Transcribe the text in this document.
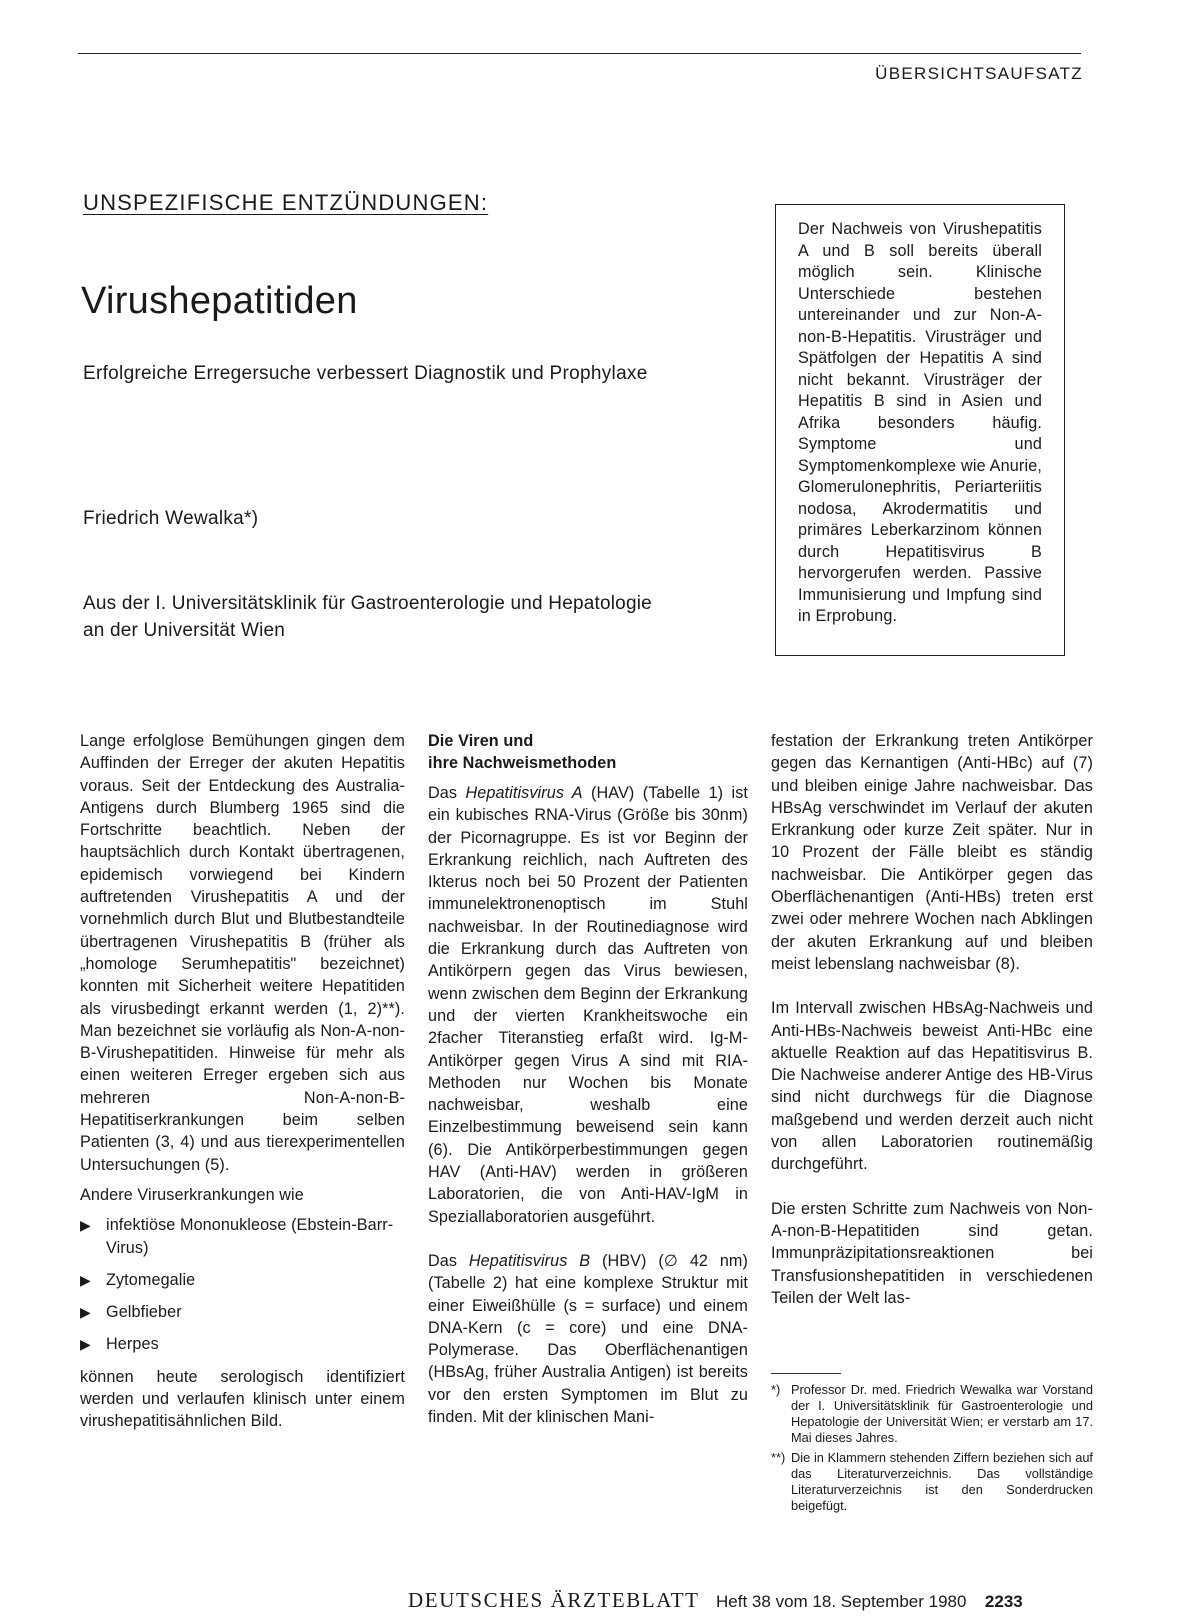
ÜBERSICHTSAUFSATZ
UNSPEZIFISCHE ENTZÜNDUNGEN:
Virushepatitiden
Erfolgreiche Erregersuche verbessert Diagnostik und Prophylaxe
Friedrich Wewalka*)
Aus der I. Universitätsklinik für Gastroenterologie und Hepatologie
an der Universität Wien
Der Nachweis von Virushepatitis A und B soll bereits überall möglich sein. Klinische Unterschiede bestehen untereinander und zur Non-A-non-B-Hepatitis. Virusträger und Spätfolgen der Hepatitis A sind nicht bekannt. Virusträger der Hepatitis B sind in Asien und Afrika besonders häufig. Symptome und Symptomenkomplexe wie Anurie, Glomerulonephritis, Periarteriitis nodosa, Akrodermatitis und primäres Leberkarzinom können durch Hepatitisvirus B hervorgerufen werden. Passive Immunisierung und Impfung sind in Erprobung.

Lange erfolglose Bemühungen gingen dem Auffinden der Erreger der akuten Hepatitis voraus. Seit der Entdeckung des Australia-Antigens durch Blumberg 1965 sind die Fortschritte beachtlich. Neben der hauptsächlich durch Kontakt übertragenen, epidemisch vorwiegend bei Kindern auftretenden Virushepatitis A und der vornehmlich durch Blut und Blutbestandteile übertragenen Virushepatitis B (früher als „homologe Serumhepatitis" bezeichnet) konnten mit Sicherheit weitere Hepatitiden als virusbedingt erkannt werden (1, 2)**). Man bezeichnet sie vorläufig als Non-A-non-B-Virushepatitiden. Hinweise für mehr als einen weiteren Erreger ergeben sich aus mehreren Non-A-non-B-Hepatitiserkrankungen beim selben Patienten (3, 4) und aus tierexperimentellen Untersuchungen (5).

Andere Viruserkrankungen wie

▶ infektiöse Mononukleose (Ebstein-Barr-Virus)
▶ Zytomegalie
▶ Gelbfieber
▶ Herpes

können heute serologisch identifiziert werden und verlaufen klinisch unter einem virushepatitisähnlichen Bild.

Die Viren und
ihre Nachweismethoden

Das Hepatitisvirus A (HAV) (Tabelle 1) ist ein kubisches RNA-Virus (Größe bis 30nm) der Picornagruppe. Es ist vor Beginn der Erkrankung reichlich, nach Auftreten des Ikterus noch bei 50 Prozent der Patienten immunelektronenoptisch im Stuhl nachweisbar. In der Routinediagnose wird die Erkrankung durch das Auftreten von Antikörpern gegen das Virus bewiesen, wenn zwischen dem Beginn der Erkrankung und der vierten Krankheitswoche ein 2facher Titeranstieg erfaßt wird. Ig-M-Antikörper gegen Virus A sind mit RIA-Methoden nur Wochen bis Monate nachweisbar, weshalb eine Einzelbestimmung beweisend sein kann (6). Die Antikörperbestimmungen gegen HAV (Anti-HAV) werden in größeren Laboratorien, die von Anti-HAV-IgM in Speziallaboratorien ausgeführt.

Das Hepatitisvirus B (HBV) (∅ 42 nm) (Tabelle 2) hat eine komplexe Struktur mit einer Eiweißhülle (s = surface) und einem DNA-Kern (c = core) und eine DNA-Polymerase. Das Oberflächenantigen (HBsAg, früher Australia Antigen) ist bereits vor den ersten Symptomen im Blut zu finden. Mit der klinischen Mani-

festation der Erkrankung treten Antikörper gegen das Kernantigen (Anti-HBc) auf (7) und bleiben einige Jahre nachweisbar. Das HBsAg verschwindet im Verlauf der akuten Erkrankung oder kurze Zeit später. Nur in 10 Prozent der Fälle bleibt es ständig nachweisbar. Die Antikörper gegen das Oberflächenantigen (Anti-HBs) treten erst zwei oder mehrere Wochen nach Abklingen der akuten Erkrankung auf und bleiben meist lebenslang nachweisbar (8).

Im Intervall zwischen HBsAg-Nachweis und Anti-HBs-Nachweis beweist Anti-HBc eine aktuelle Reaktion auf das Hepatitisvirus B. Die Nachweise anderer Antige des HB-Virus sind nicht durchwegs für die Diagnose maßgebend und werden derzeit auch nicht von allen Laboratorien routinemäßig durchgeführt.

Die ersten Schritte zum Nachweis von Non-A-non-B-Hepatitiden sind getan. Immunpräzipitationsreaktionen bei Transfusionshepatitiden in verschiedenen Teilen der Welt las-

*) Professor Dr. med. Friedrich Wewalka war Vorstand der I. Universitätsklinik für Gastroenterologie und Hepatologie der Universität Wien; er verstarb am 17. Mai dieses Jahres.
**) Die in Klammern stehenden Ziffern beziehen sich auf das Literaturverzeichnis. Das vollständige Literaturverzeichnis ist den Sonderdrucken beigefügt.
DEUTSCHES ÄRZTEBLATT Heft 38 vom 18. September 1980 2233
